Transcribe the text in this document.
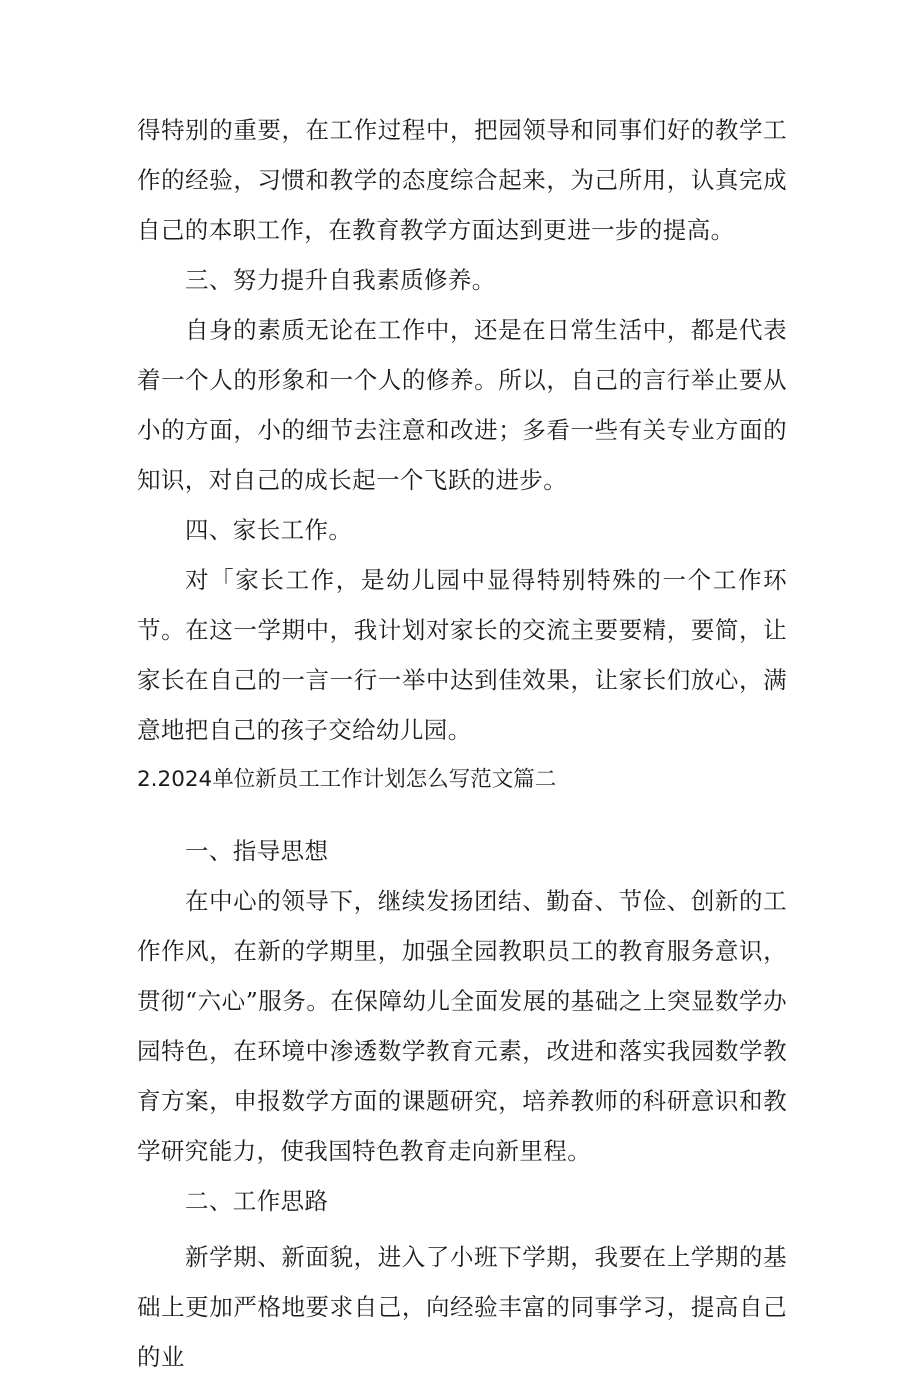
得特别的重要，在工作过程中，把园领导和同事们好的教学工作的经验，习惯和教学的态度综合起来，为己所用，认真完成自己的本职工作，在教育教学方面达到更进一步的提高。

三、努力提升自我素质修养。

自身的素质无论在工作中，还是在日常生活中，都是代表着一个人的形象和一个人的修养。所以，自己的言行举止要从小的方面，小的细节去注意和改进；多看一些有关专业方面的知识，对自己的成长起一个飞跃的进步。

四、家长工作。

对「家长工作，是幼儿园中显得特别特殊的一个工作环节。在这一学期中，我计划对家长的交流主要要精，要简，让家长在自己的一言一行一举中达到佳效果，让家长们放心，满意地把自己的孩子交给幼儿园。

2.2024单位新员工工作计划怎么写范文篇二

一、指导思想

在中心的领导下，继续发扬团结、勤奋、节俭、创新的工作作风，在新的学期里，加强全园教职员工的教育服务意识，贯彻“六心”服务。在保障幼儿全面发展的基础之上突显数学办园特色，在环境中渗透数学教育元素，改进和落实我园数学教育方案，申报数学方面的课题研究，培养教师的科研意识和教学研究能力，使我国特色教育走向新里程。

二、工作思路

新学期、新面貌，进入了小班下学期，我要在上学期的基础上更加严格地要求自己，向经验丰富的同事学习，提高自己的业
